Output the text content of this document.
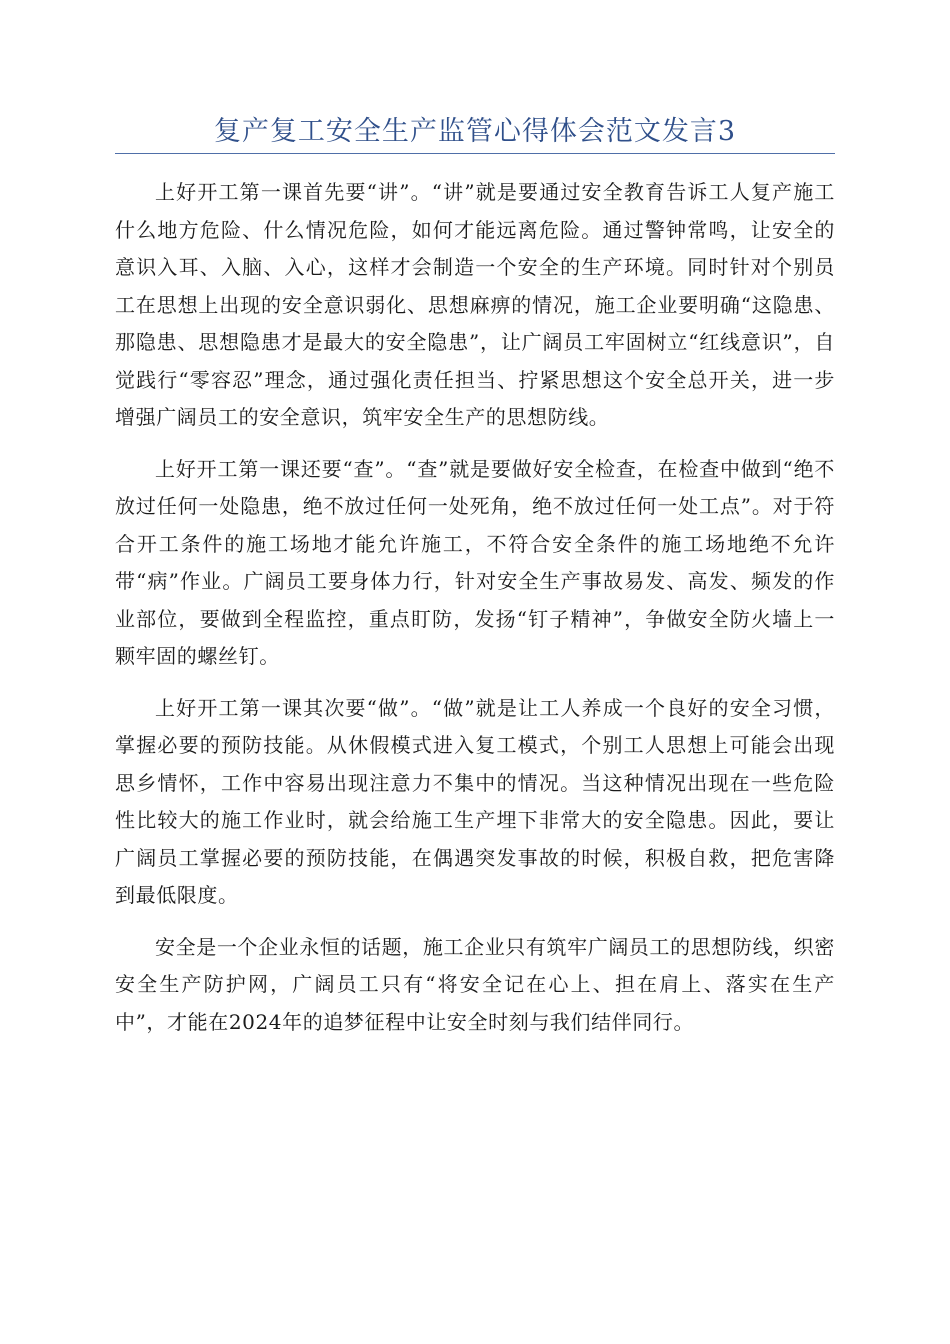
复产复工安全生产监管心得体会范文发言3

上好开工第一课首先要“讲”。“讲”就是要通过安全教育告诉工人复产施工什么地方危险、什么情况危险，如何才能远离危险。通过警钟常鸣，让安全的意识入耳、入脑、入心，这样才会制造一个安全的生产环境。同时针对个别员工在思想上出现的安全意识弱化、思想麻痹的情况，施工企业要明确“这隐患、那隐患、思想隐患才是最大的安全隐患”，让广阔员工牢固树立“红线意识”，自觉践行“零容忍”理念，通过强化责任担当、拧紧思想这个安全总开关，进一步增强广阔员工的安全意识，筑牢安全生产的思想防线。

上好开工第一课还要“查”。“查”就是要做好安全检查，在检查中做到“绝不放过任何一处隐患，绝不放过任何一处死角，绝不放过任何一处工点”。对于符合开工条件的施工场地才能允许施工，不符合安全条件的施工场地绝不允许带“病”作业。广阔员工要身体力行，针对安全生产事故易发、高发、频发的作业部位，要做到全程监控，重点盯防，发扬“钉子精神”，争做安全防火墙上一颗牢固的螺丝钉。

上好开工第一课其次要“做”。“做”就是让工人养成一个良好的安全习惯，掌握必要的预防技能。从休假模式进入复工模式，个别工人思想上可能会出现思乡情怀，工作中容易出现注意力不集中的情况。当这种情况出现在一些危险性比较大的施工作业时，就会给施工生产埋下非常大的安全隐患。因此，要让广阔员工掌握必要的预防技能，在偶遇突发事故的时候，积极自救，把危害降到最低限度。

安全是一个企业永恒的话题，施工企业只有筑牢广阔员工的思想防线，织密安全生产防护网，广阔员工只有“将安全记在心上、担在肩上、落实在生产中”，才能在2024年的追梦征程中让安全时刻与我们结伴同行。
